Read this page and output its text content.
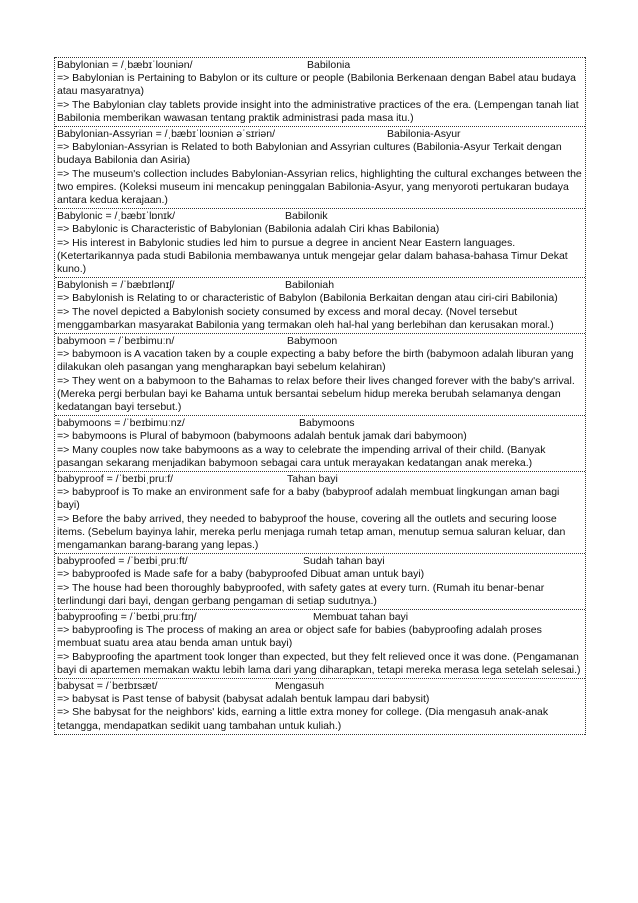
Babylonian = /ˌbæbɪˈloʊniən/	Babilonia
=> Babylonian is Pertaining to Babylon or its culture or people (Babilonia Berkenaan dengan Babel atau budaya atau masyaratnya)
=> The Babylonian clay tablets provide insight into the administrative practices of the era. (Lempengan tanah liat Babilonia memberikan wawasan tentang praktik administrasi pada masa itu.)
Babylonian-Assyrian = /ˌbæbɪˈloʊniən əˈsɪriən/	Babilonia-Asyur
=> Babylonian-Assyrian is Related to both Babylonian and Assyrian cultures (Babilonia-Asyur Terkait dengan budaya Babilonia dan Asiria)
=> The museum's collection includes Babylonian-Assyrian relics, highlighting the cultural exchanges between the two empires. (Koleksi museum ini mencakup peninggalan Babilonia-Asyur, yang menyoroti pertukaran budaya antara kedua kerajaan.)
Babylonic = /ˌbæbɪˈlɒnɪk/	Babilonik
=> Babylonic is Characteristic of Babylonian (Babilonia adalah Ciri khas Babilonia)
=> His interest in Babylonic studies led him to pursue a degree in ancient Near Eastern languages. (Ketertarikannya pada studi Babilonia membawanya untuk mengejar gelar dalam bahasa-bahasa Timur Dekat kuno.)
Babylonish = /ˈbæbɪlənɪʃ/	Babiloniah
=> Babylonish is Relating to or characteristic of Babylon (Babilonia Berkaitan dengan atau ciri-ciri Babilonia)
=> The novel depicted a Babylonish society consumed by excess and moral decay. (Novel tersebut menggambarkan masyarakat Babilonia yang termakan oleh hal-hal yang berlebihan dan kerusakan moral.)
babymoon = /ˈbeɪbimuːn/	Babymoon
=> babymoon is A vacation taken by a couple expecting a baby before the birth (babymoon adalah liburan yang dilakukan oleh pasangan yang mengharapkan bayi sebelum kelahiran)
=> They went on a babymoon to the Bahamas to relax before their lives changed forever with the baby's arrival. (Mereka pergi berbulan bayi ke Bahama untuk bersantai sebelum hidup mereka berubah selamanya dengan kedatangan bayi tersebut.)
babymoons = /ˈbeɪbimuːnz/	Babymoons
=> babymoons is Plural of babymoon (babymoons adalah bentuk jamak dari babymoon)
=> Many couples now take babymoons as a way to celebrate the impending arrival of their child. (Banyak pasangan sekarang menjadikan babymoon sebagai cara untuk merayakan kedatangan anak mereka.)
babyproof = /ˈbeɪbiˌpruːf/	Tahan bayi
=> babyproof is To make an environment safe for a baby (babyproof adalah membuat lingkungan aman bagi bayi)
=> Before the baby arrived, they needed to babyproof the house, covering all the outlets and securing loose items. (Sebelum bayinya lahir, mereka perlu menjaga rumah tetap aman, menutup semua saluran keluar, dan mengamankan barang-barang yang lepas.)
babyproofed = /ˈbeɪbiˌpruːft/	Sudah tahan bayi
=> babyproofed is Made safe for a baby (babyproofed Dibuat aman untuk bayi)
=> The house had been thoroughly babyproofed, with safety gates at every turn. (Rumah itu benar-benar terlindungi dari bayi, dengan gerbang pengaman di setiap sudutnya.)
babyproofing = /ˈbeɪbiˌpruːfɪŋ/	Membuat tahan bayi
=> babyproofing is The process of making an area or object safe for babies (babyproofing adalah proses membuat suatu area atau benda aman untuk bayi)
=> Babyproofing the apartment took longer than expected, but they felt relieved once it was done. (Pengamanan bayi di apartemen memakan waktu lebih lama dari yang diharapkan, tetapi mereka merasa lega setelah selesai.)
babysat = /ˈbeɪbɪsæt/	Mengasuh
=> babysat is Past tense of babysit (babysat adalah bentuk lampau dari babysit)
=> She babysat for the neighbors' kids, earning a little extra money for college. (Dia mengasuh anak-anak tetangga, mendapatkan sedikit uang tambahan untuk kuliah.)
